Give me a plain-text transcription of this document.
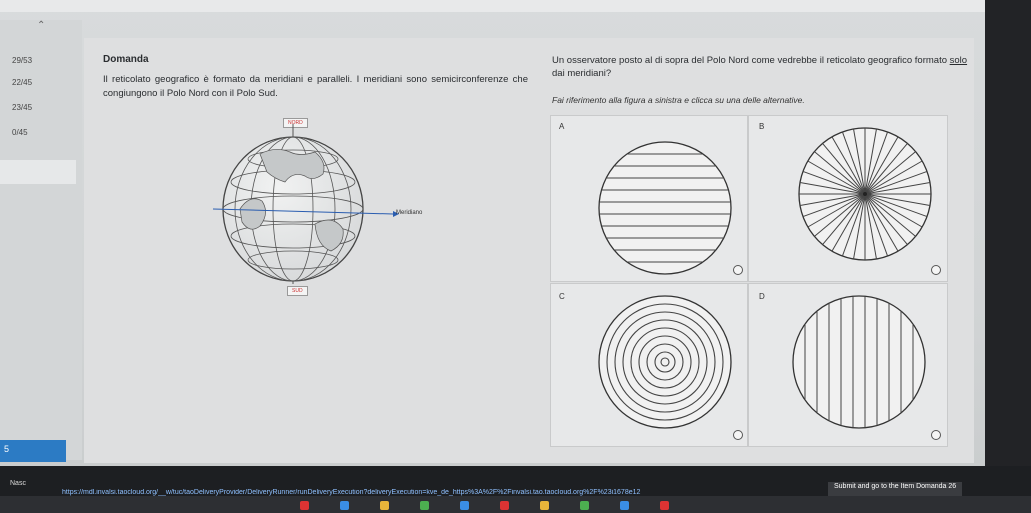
⌃
29/53
22/45
23/45
0/45
5
Domanda
Il reticolato geografico è formato da meridiani e paralleli. I meridiani sono semicirconferenze che congiungono il Polo Nord con il Polo Sud.
NORD
SUD
Meridiano
Un osservatore posto al di sopra del Polo Nord come vedrebbe il reticolato geografico formato solo dai meridiani?
Fai riferimento alla figura a sinistra e clicca su una delle alternative.
A	B
C	D
Nasc
https://mdl.invalsi.taocloud.org/__w/tuc/taoDeliveryProvider/DeliveryRunner/runDeliveryExecution?deliveryExecution=kve_de_https%3A%2F%2Finvalsi.tao.taocloud.org%2F%23i1678e12
Submit and go to the Item Domanda 26
